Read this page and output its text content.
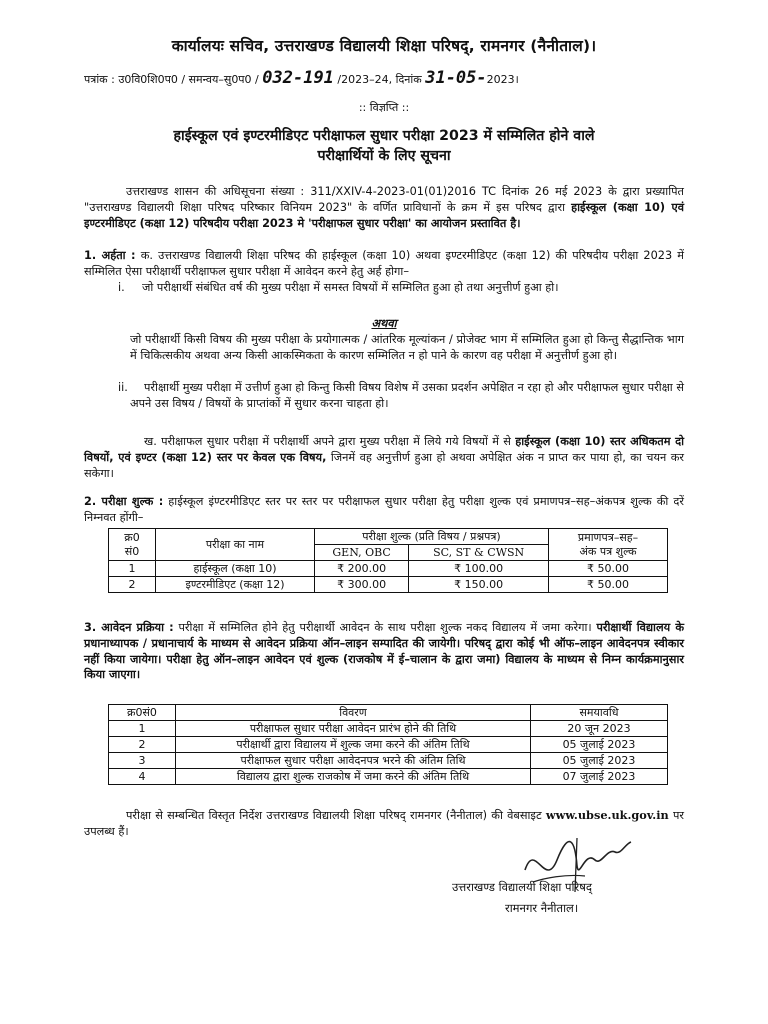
कार्यालयः सचिव, उत्तराखण्ड विद्यालयी शिक्षा परिषद्, रामनगर (नैनीताल)।
पत्रांक : उ0वि0शि0प0 / समन्वय–सु0प0 / 032-191 /2023–24, दिनांक 31-05-2023।
:: विज्ञप्ति ::
हाईस्कूल एवं इण्टरमीडिएट परीक्षाफल सुधार परीक्षा 2023 में सम्मिलित होने वाले
परीक्षार्थियों के लिए सूचना
उत्तराखण्ड शासन की अधिसूचना संख्या : 311/XXIV-4-2023-01(01)2016 TC दिनांक 26 मई 2023 के द्वारा प्रख्यापित "उत्तराखण्ड विद्यालयी शिक्षा परिषद परिष्कार विनियम 2023" के वर्णित प्राविधानों के क्रम में इस परिषद द्वारा हाईस्कूल (कक्षा 10) एवं इण्टरमीडिएट (कक्षा 12) परिषदीय परीक्षा 2023 मे 'परीक्षाफल सुधार परीक्षा' का आयोजन प्रस्तावित है।
1. अर्हता : क. उत्तराखण्ड विद्यालयी शिक्षा परिषद की हाईस्कूल (कक्षा 10) अथवा इण्टरमीडिएट (कक्षा 12) की परिषदीय परीक्षा 2023 में सम्मिलित ऐसा परीक्षार्थी परीक्षाफल सुधार परीक्षा में आवेदन करने हेतु अर्ह होगा–
i.	जो परीक्षार्थी संबंधित वर्ष की मुख्य परीक्षा में समस्त विषयों में सम्मिलित हुआ हो तथा अनुत्तीर्ण हुआ हो।
अथवा
जो परीक्षार्थी किसी विषय की मुख्य परीक्षा के प्रयोगात्मक / आंतरिक मूल्यांकन / प्रोजेक्ट भाग में सम्मिलित हुआ हो किन्तु सैद्धान्तिक भाग में चिकित्सकीय अथवा अन्य किसी आकस्मिकता के कारण सम्मिलित न हो पाने के कारण वह परीक्षा में अनुत्तीर्ण हुआ हो।
ii.	परीक्षार्थी मुख्य परीक्षा में उत्तीर्ण हुआ हो किन्तु किसी विषय विशेष में उसका प्रदर्शन अपेक्षित न रहा हो और परीक्षाफल सुधार परीक्षा से अपने उस विषय / विषयों के प्राप्तांकों में सुधार करना चाहता हो।
ख. परीक्षाफल सुधार परीक्षा में परीक्षार्थी अपने द्वारा मुख्य परीक्षा में लिये गये विषयों में से हाईस्कूल (कक्षा 10) स्तर अधिकतम दो विषयों, एवं इण्टर (कक्षा 12) स्तर पर केवल एक विषय, जिनमें वह अनुत्तीर्ण हुआ हो अथवा अपेक्षित अंक न प्राप्त कर पाया हो, का चयन कर सकेगा।
2. परीक्षा शुल्क : हाईस्कूल इंण्टरमीडिएट स्तर पर स्तर पर परीक्षाफल सुधार परीक्षा हेतु परीक्षा शुल्क एवं प्रमाणपत्र–सह–अंकपत्र शुल्क की दरें निम्नवत होंगी–
क्र0
सं0	परीक्षा का नाम	परीक्षा शुल्क (प्रति विषय / प्रश्नपत्र)		प्रमाणपत्र–सह–
अंक पत्र शुल्क
		GEN, OBC	SC, ST & CWSN	
1	हाईस्कूल (कक्षा 10)	₹ 200.00	₹ 100.00	₹ 50.00
2	इण्टरमीडिएट (कक्षा 12)	₹ 300.00	₹ 150.00	₹ 50.00
3. आवेदन प्रक्रिया : परीक्षा में सम्मिलित होने हेतु परीक्षार्थी आवेदन के साथ परीक्षा शुल्क नकद विद्यालय में जमा करेगा। परीक्षार्थी विद्यालय के प्रधानाध्यापक / प्रधानाचार्य के माध्यम से आवेदन प्रक्रिया ऑन–लाइन सम्पादित की जायेगी। परिषद् द्वारा कोई भी ऑफ–लाइन आवेदनपत्र स्वीकार नहीं किया जायेगा। परीक्षा हेतु ऑन–लाइन आवेदन एवं शुल्क (राजकोष में ई–चालान के द्वारा जमा) विद्यालय के माध्यम से निम्न कार्यक्रमानुसार किया जाएगा।
क्र0सं0	विवरण	समयावधि
1	परीक्षाफल सुधार परीक्षा आवेदन प्रारंभ होने की तिथि	20 जून 2023
2	परीक्षार्थी द्वारा विद्यालय में शुल्क जमा करने की अंतिम तिथि	05 जुलाई 2023
3	परीक्षाफल सुधार परीक्षा आवेदनपत्र भरने की अंतिम तिथि	05 जुलाई 2023
4	विद्यालय द्वारा शुल्क राजकोष में जमा करने की अंतिम तिथि	07 जुलाई 2023
परीक्षा से सम्बन्धित विस्तृत निर्देश उत्तराखण्ड विद्यालयी शिक्षा परिषद् रामनगर (नैनीताल) की वेबसाइट www.ubse.uk.gov.in पर उपलब्ध हैं।
उत्तराखण्ड विद्यालयी शिक्षा परिषद्
रामनगर नैनीताल।
